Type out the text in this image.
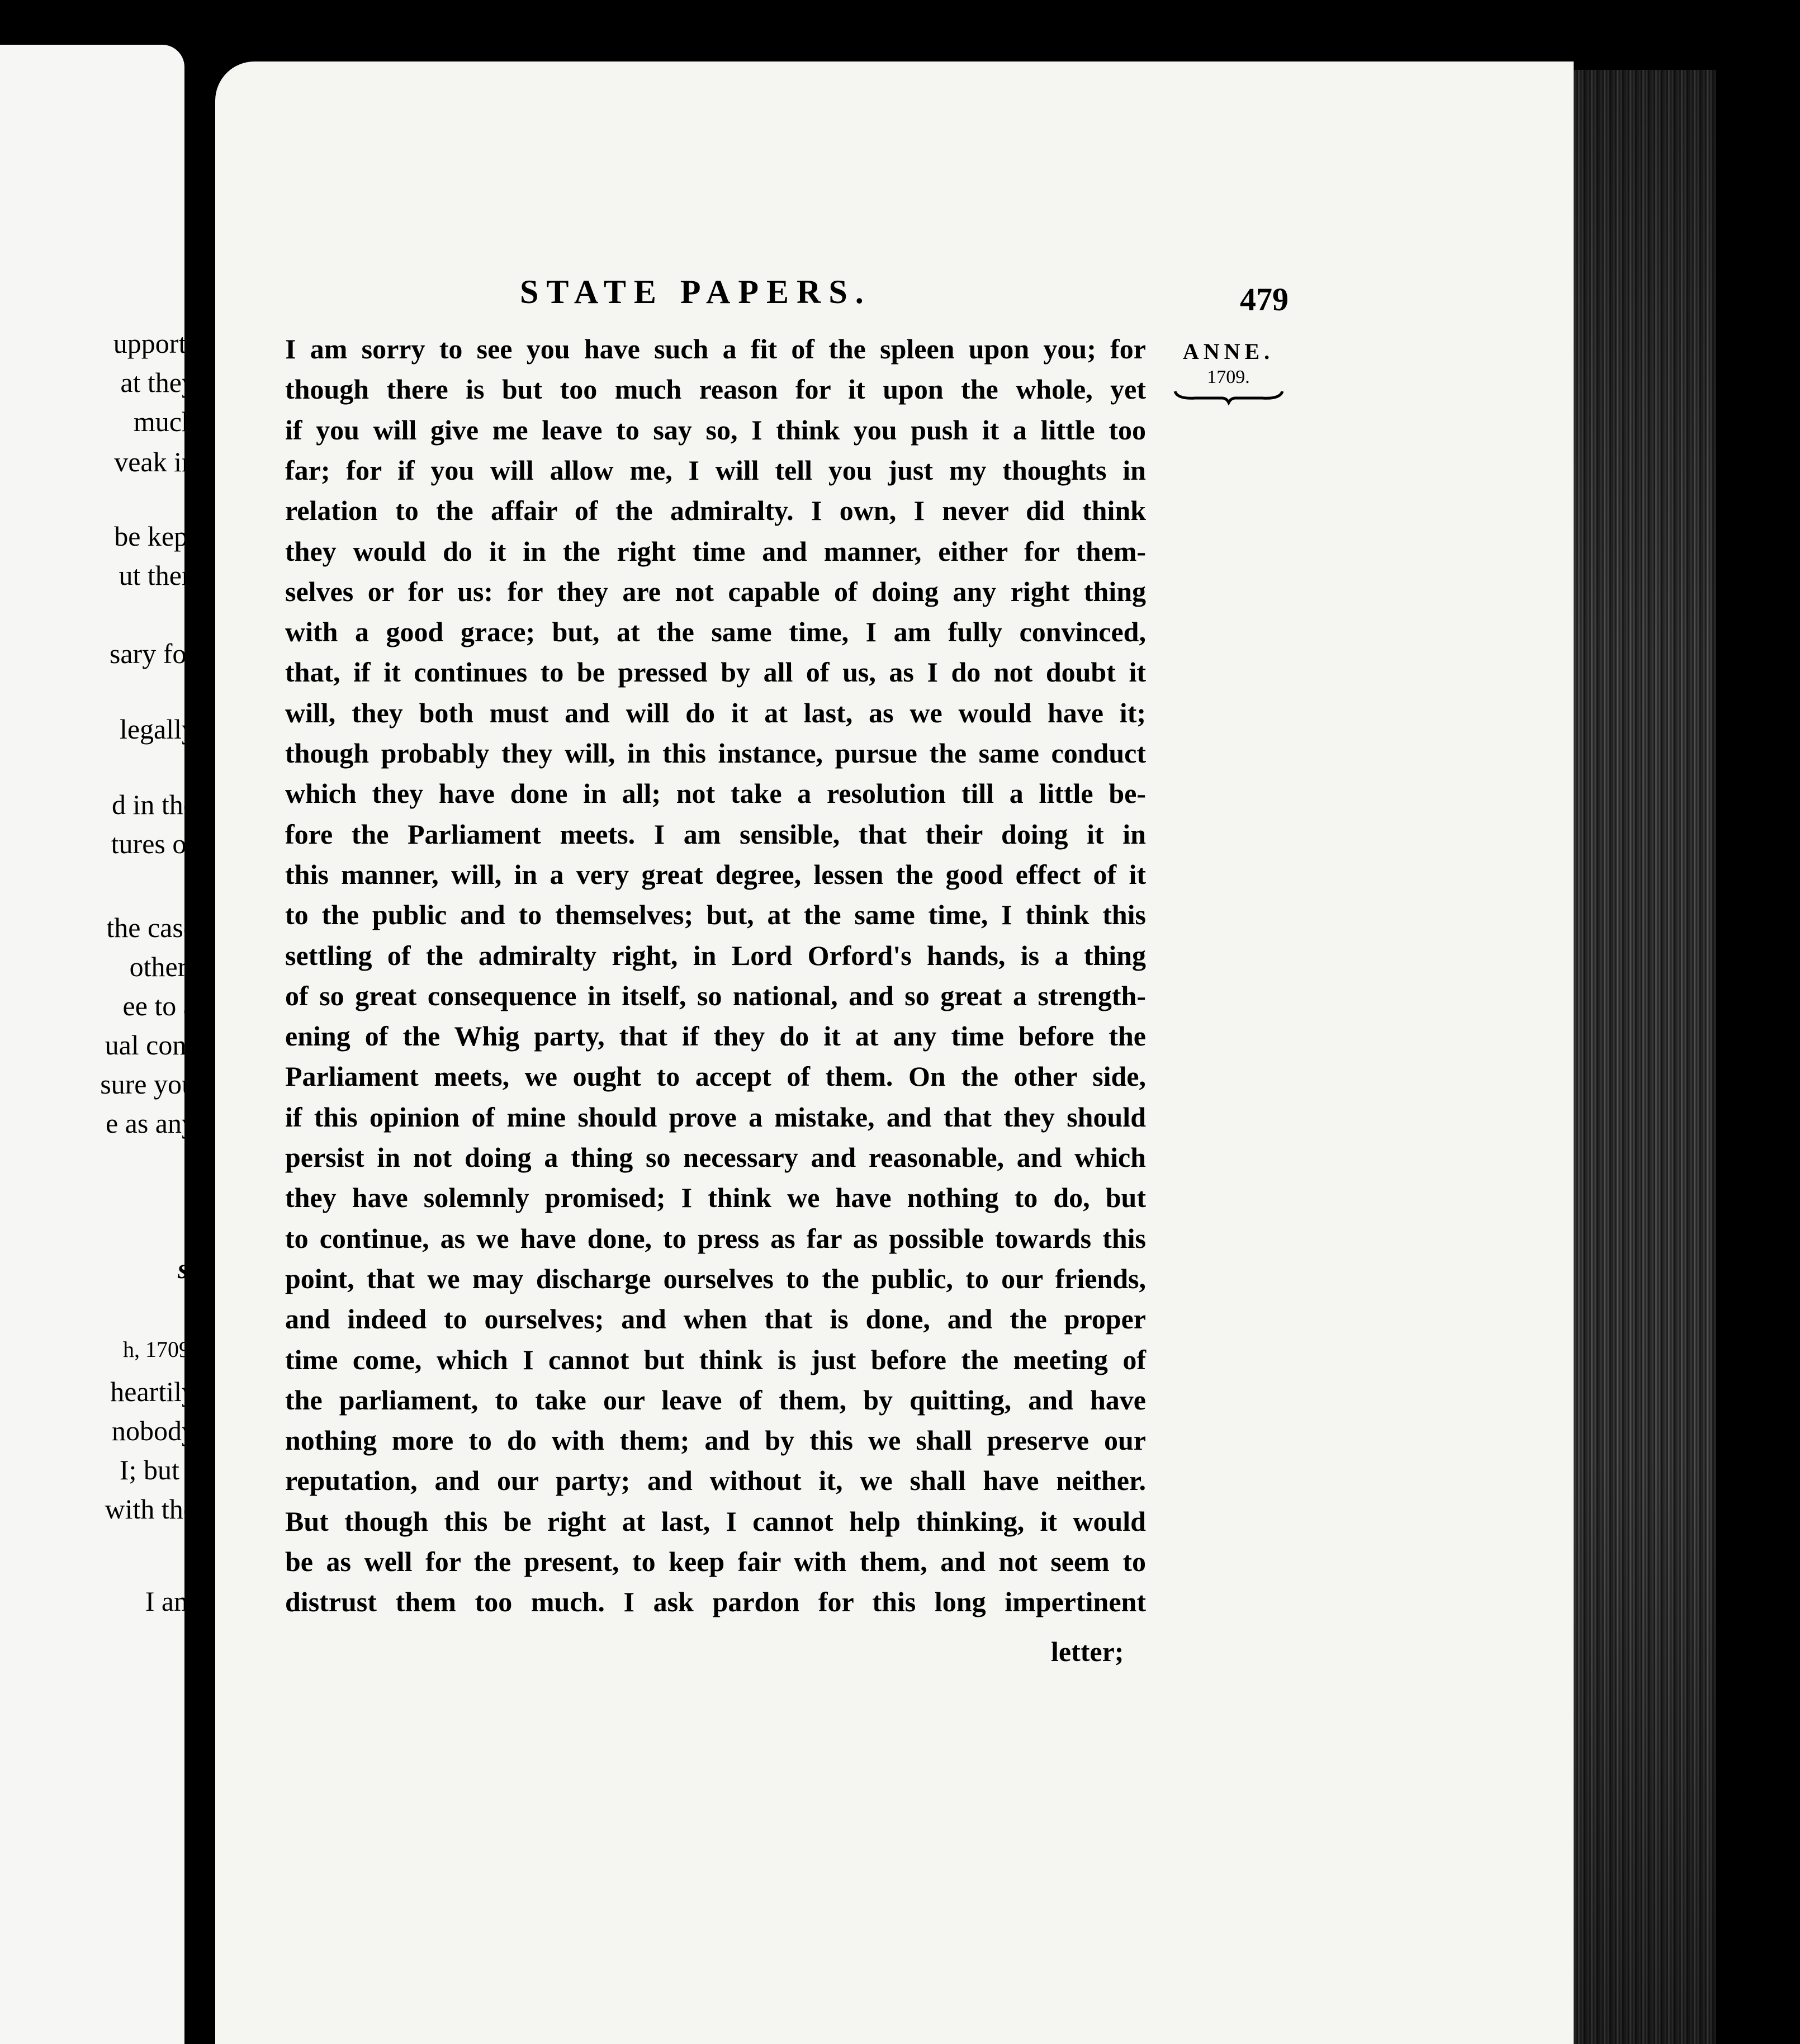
upport-
at they
much
veak in
be kept
ut then
sary for
legally
d in the
tures or
the case
other-
ee to a
ual con-
sure you
e as any
s.
h, 1709.
heartily
nobody
I; but I
with the
I am
STATE PAPERS.	479
ANNE.
1709.
I am sorry to see you have such a fit of the spleen upon you; for
though there is but too much reason for it upon the whole, yet
if you will give me leave to say so, I think you push it a little too
far; for if you will allow me, I will tell you just my thoughts in
relation to the affair of the admiralty. I own, I never did think
they would do it in the right time and manner, either for them-
selves or for us: for they are not capable of doing any right thing
with a good grace; but, at the same time, I am fully convinced,
that, if it continues to be pressed by all of us, as I do not doubt it
will, they both must and will do it at last, as we would have it;
though probably they will, in this instance, pursue the same conduct
which they have done in all; not take a resolution till a little be-
fore the Parliament meets. I am sensible, that their doing it in
this manner, will, in a very great degree, lessen the good effect of it
to the public and to themselves; but, at the same time, I think this
settling of the admiralty right, in Lord Orford's hands, is a thing
of so great consequence in itself, so national, and so great a strength-
ening of the Whig party, that if they do it at any time before the
Parliament meets, we ought to accept of them. On the other side,
if this opinion of mine should prove a mistake, and that they should
persist in not doing a thing so necessary and reasonable, and which
they have solemnly promised; I think we have nothing to do, but
to continue, as we have done, to press as far as possible towards this
point, that we may discharge ourselves to the public, to our friends,
and indeed to ourselves; and when that is done, and the proper
time come, which I cannot but think is just before the meeting of
the parliament, to take our leave of them, by quitting, and have
nothing more to do with them; and by this we shall preserve our
reputation, and our party; and without it, we shall have neither.
But though this be right at last, I cannot help thinking, it would
be as well for the present, to keep fair with them, and not seem to
distrust them too much. I ask pardon for this long impertinent
letter;
